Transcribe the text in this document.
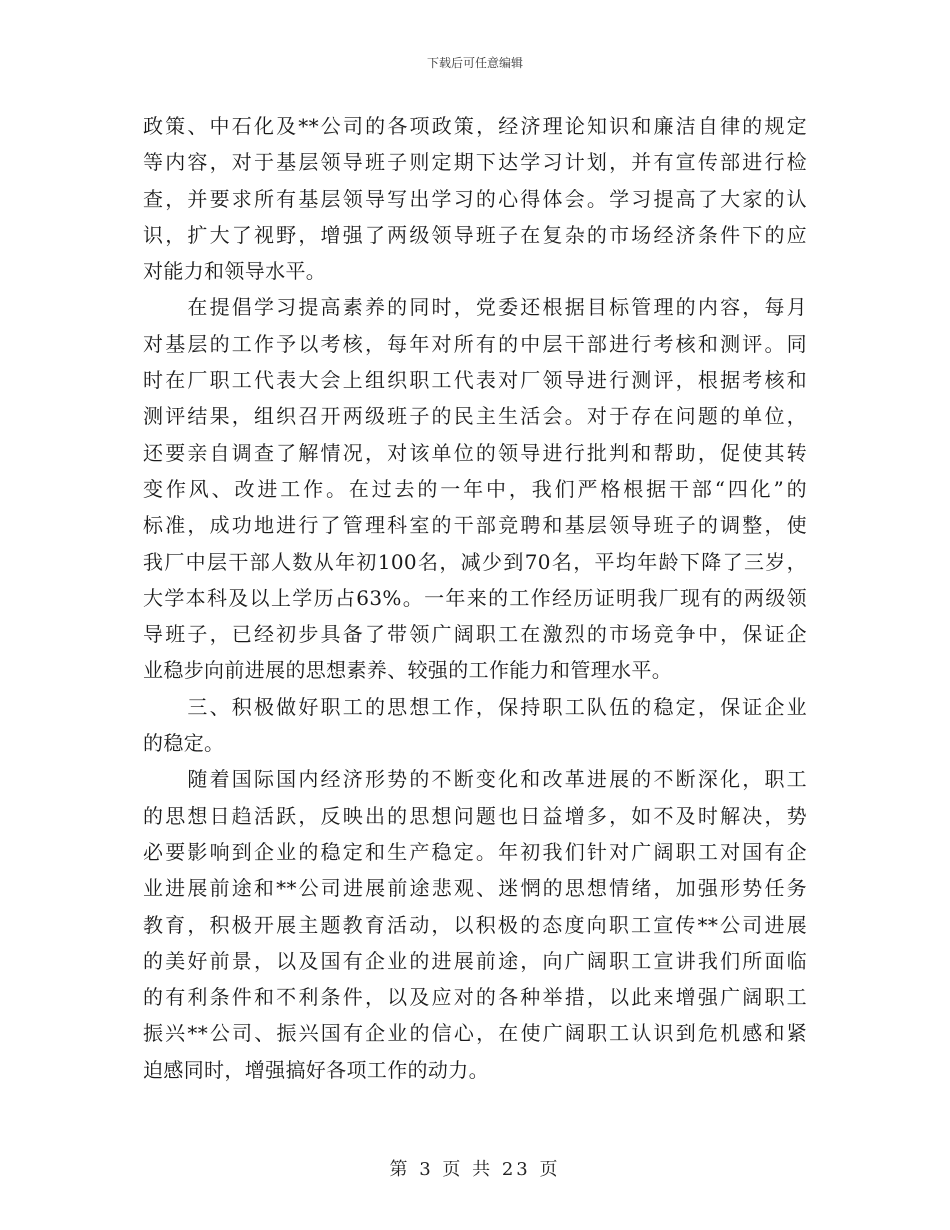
下载后可任意编辑

政策、中石化及**公司的各项政策，经济理论知识和廉洁自律的规定
等内容，对于基层领导班子则定期下达学习计划，并有宣传部进行检
查，并要求所有基层领导写出学习的心得体会。学习提高了大家的认
识，扩大了视野，增强了两级领导班子在复杂的市场经济条件下的应
对能力和领导水平。

　　在提倡学习提高素养的同时，党委还根据目标管理的内容，每月
对基层的工作予以考核，每年对所有的中层干部进行考核和测评。同
时在厂职工代表大会上组织职工代表对厂领导进行测评，根据考核和
测评结果，组织召开两级班子的民主生活会。对于存在问题的单位，
还要亲自调查了解情况，对该单位的领导进行批判和帮助，促使其转
变作风、改进工作。在过去的一年中，我们严格根据干部“四化”的
标准，成功地进行了管理科室的干部竞聘和基层领导班子的调整，使
我厂中层干部人数从年初100名，减少到70名，平均年龄下降了三岁，
大学本科及以上学历占63%。一年来的工作经历证明我厂现有的两级领
导班子，已经初步具备了带领广阔职工在激烈的市场竞争中，保证企
业稳步向前进展的思想素养、较强的工作能力和管理水平。

　　三、积极做好职工的思想工作，保持职工队伍的稳定，保证企业
的稳定。

　　随着国际国内经济形势的不断变化和改革进展的不断深化，职工
的思想日趋活跃，反映出的思想问题也日益增多，如不及时解决，势
必要影响到企业的稳定和生产稳定。年初我们针对广阔职工对国有企
业进展前途和**公司进展前途悲观、迷惘的思想情绪，加强形势任务
教育，积极开展主题教育活动，以积极的态度向职工宣传**公司进展
的美好前景，以及国有企业的进展前途，向广阔职工宣讲我们所面临
的有利条件和不利条件，以及应对的各种举措，以此来增强广阔职工
振兴**公司、振兴国有企业的信心，在使广阔职工认识到危机感和紧
迫感同时，增强搞好各项工作的动力。

第 3 页 共 23 页
